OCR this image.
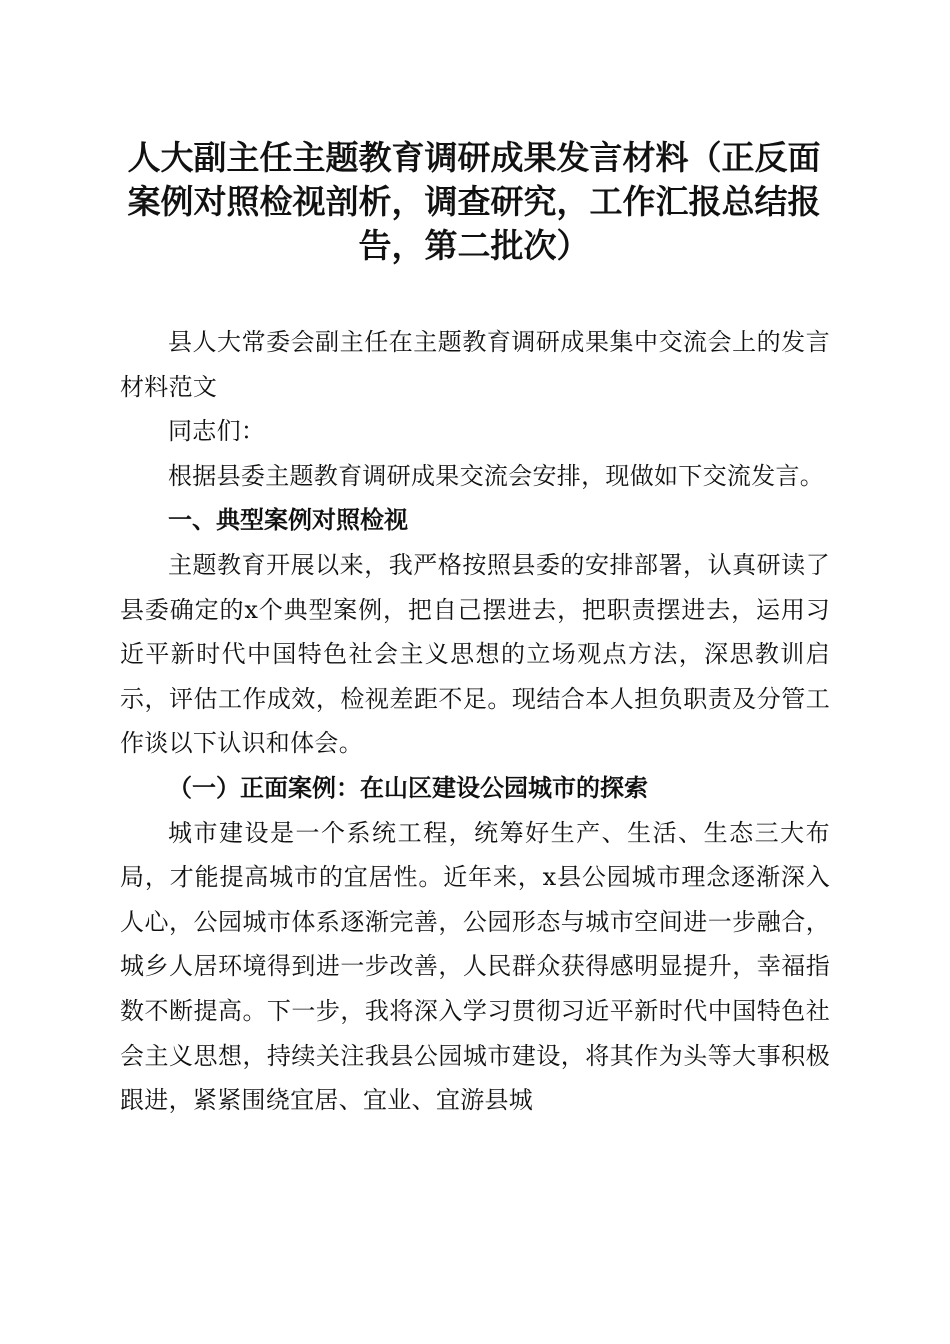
人大副主任主题教育调研成果发言材料（正反面案例对照检视剖析，调查研究，工作汇报总结报告，第二批次）

县人大常委会副主任在主题教育调研成果集中交流会上的发言材料范文

同志们：

根据县委主题教育调研成果交流会安排，现做如下交流发言。

一、典型案例对照检视

主题教育开展以来，我严格按照县委的安排部署，认真研读了县委确定的x个典型案例，把自己摆进去，把职责摆进去，运用习近平新时代中国特色社会主义思想的立场观点方法，深思教训启示，评估工作成效，检视差距不足。现结合本人担负职责及分管工作谈以下认识和体会。

（一）正面案例：在山区建设公园城市的探索

城市建设是一个系统工程，统筹好生产、生活、生态三大布局，才能提高城市的宜居性。近年来，x县公园城市理念逐渐深入人心，公园城市体系逐渐完善，公园形态与城市空间进一步融合，城乡人居环境得到进一步改善，人民群众获得感明显提升，幸福指数不断提高。下一步，我将深入学习贯彻习近平新时代中国特色社会主义思想，持续关注我县公园城市建设，将其作为头等大事积极跟进，紧紧围绕宜居、宜业、宜游县城
